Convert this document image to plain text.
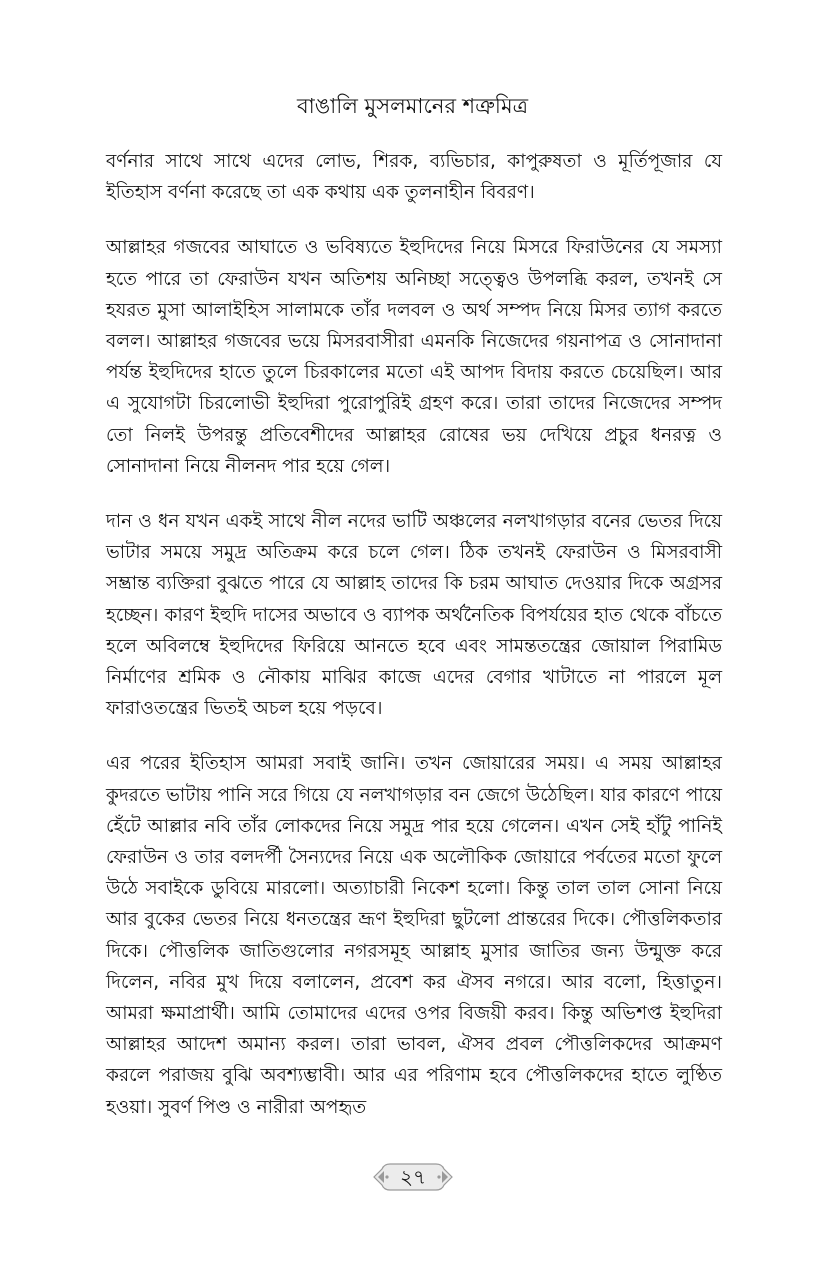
বাঙালি মুসলমানের শত্রুমিত্র

বর্ণনার সাথে সাথে এদের লোভ, শিরক, ব্যভিচার, কাপুরুষতা ও মূর্তিপূজার যে ইতিহাস বর্ণনা করেছে তা এক কথায় এক তুলনাহীন বিবরণ।

আল্লাহর গজবের আঘাতে ও ভবিষ্যতে ইহুদিদের নিয়ে মিসরে ফিরাউনের যে সমস্যা হতে পারে তা ফেরাউন যখন অতিশয় অনিচ্ছা সত্ত্বেও উপলব্ধি করল, তখনই সে হযরত মুসা আলাইহিস সালামকে তাঁর দলবল ও অর্থ সম্পদ নিয়ে মিসর ত্যাগ করতে বলল। আল্লাহর গজবের ভয়ে মিসরবাসীরা এমনকি নিজেদের গয়নাপত্র ও সোনাদানা পর্যন্ত ইহুদিদের হাতে তুলে চিরকালের মতো এই আপদ বিদায় করতে চেয়েছিল। আর এ সুযোগটা চিরলোভী ইহুদিরা পুরোপুরিই গ্রহণ করে। তারা তাদের নিজেদের সম্পদ তো নিলই উপরন্তু প্রতিবেশীদের আল্লাহর রোষের ভয় দেখিয়ে প্রচুর ধনরত্ন ও সোনাদানা নিয়ে নীলনদ পার হয়ে গেল।

দান ও ধন যখন একই সাথে নীল নদের ভাটি অঞ্চলের নলখাগড়ার বনের ভেতর দিয়ে ভাটার সময়ে সমুদ্র অতিক্রম করে চলে গেল। ঠিক তখনই ফেরাউন ও মিসরবাসী সম্ভ্রান্ত ব্যক্তিরা বুঝতে পারে যে আল্লাহ তাদের কি চরম আঘাত দেওয়ার দিকে অগ্রসর হচ্ছেন। কারণ ইহুদি দাসের অভাবে ও ব্যাপক অর্থনৈতিক বিপর্যয়ের হাত থেকে বাঁচতে হলে অবিলম্বে ইহুদিদের ফিরিয়ে আনতে হবে এবং সামন্ততন্ত্রের জোয়াল পিরামিড নির্মাণের শ্রমিক ও নৌকায় মাঝির কাজে এদের বেগার খাটাতে না পারলে মূল ফারাওতন্ত্রের ভিতই অচল হয়ে পড়বে।

এর পরের ইতিহাস আমরা সবাই জানি। তখন জোয়ারের সময়। এ সময় আল্লাহর কুদরতে ভাটায় পানি সরে গিয়ে যে নলখাগড়ার বন জেগে উঠেছিল। যার কারণে পায়ে হেঁটে আল্লার নবি তাঁর লোকদের নিয়ে সমুদ্র পার হয়ে গেলেন। এখন সেই হাঁটু পানিই ফেরাউন ও তার বলদর্পী সৈন্যদের নিয়ে এক অলৌকিক জোয়ারে পর্বতের মতো ফুলে উঠে সবাইকে ডুবিয়ে মারলো। অত্যাচারী নিকেশ হলো। কিন্তু তাল তাল সোনা নিয়ে আর বুকের ভেতর নিয়ে ধনতন্ত্রের ভ্রূণ ইহুদিরা ছুটলো প্রান্তরের দিকে। পৌত্তলিকতার দিকে। পৌত্তলিক জাতিগুলোর নগরসমূহ আল্লাহ মুসার জাতির জন্য উন্মুক্ত করে দিলেন, নবির মুখ দিয়ে বলালেন, প্রবেশ কর ঐসব নগরে। আর বলো, হিত্তাতুন। আমরা ক্ষমাপ্রার্থী। আমি তোমাদের এদের ওপর বিজয়ী করব। কিন্তু অভিশপ্ত ইহুদিরা আল্লাহর আদেশ অমান্য করল। তারা ভাবল, ঐসব প্রবল পৌত্তলিকদের আক্রমণ করলে পরাজয় বুঝি অবশ্যম্ভাবী। আর এর পরিণাম হবে পৌত্তলিকদের হাতে লুণ্ঠিত হওয়া। সুবর্ণ পিণ্ড ও নারীরা অপহৃত

২৭
